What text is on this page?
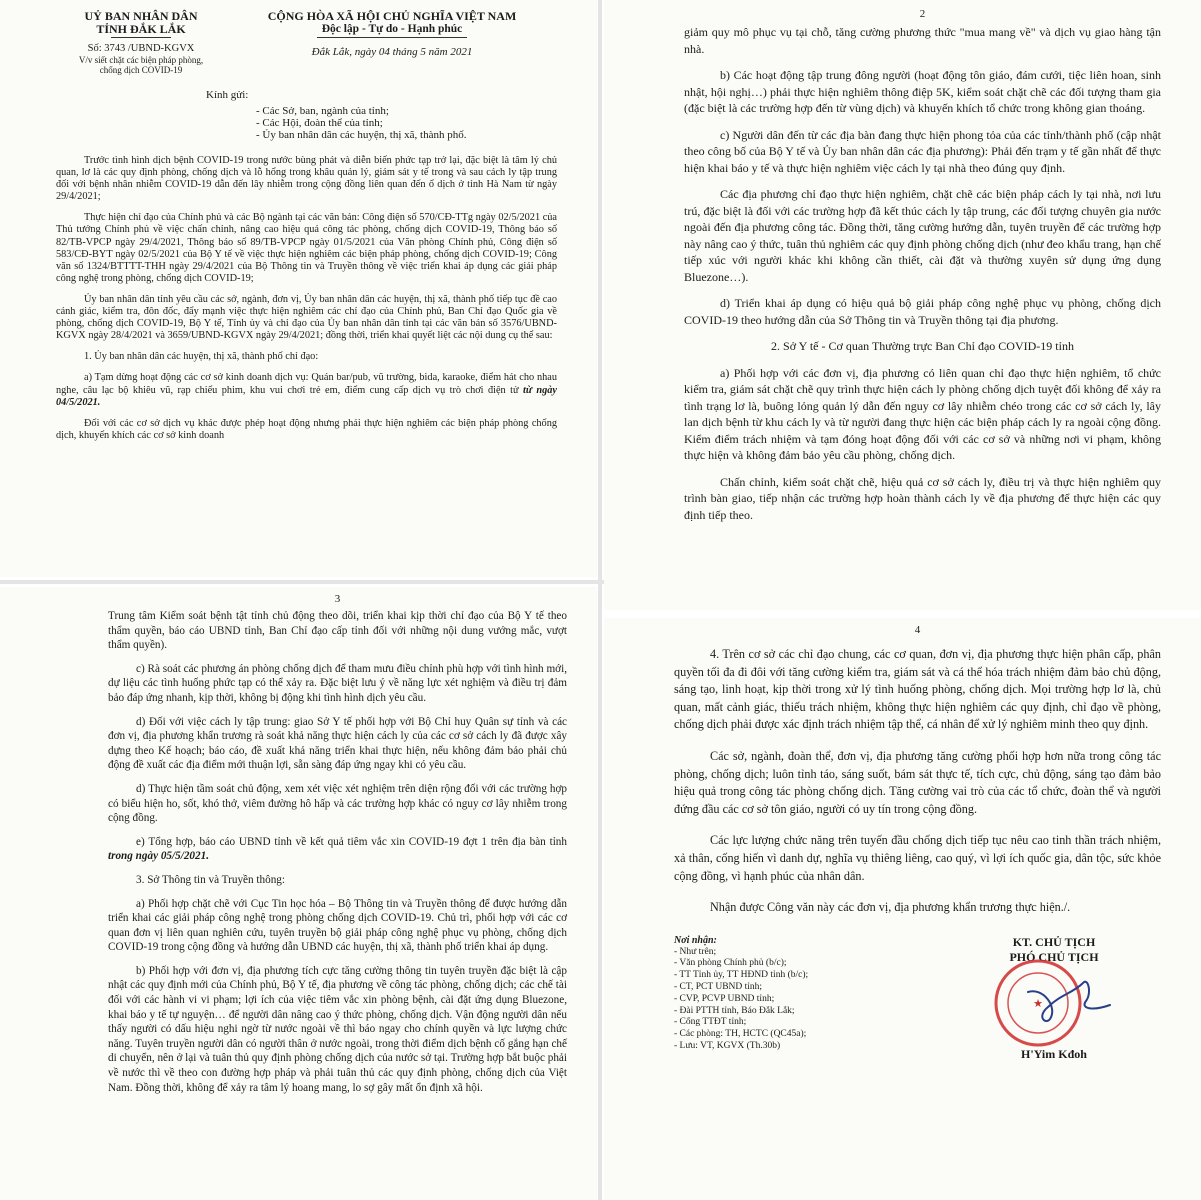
UỶ BAN NHÂN DÂN
TỈNH ĐẮK LẮK
Số: 3743 /UBND-KGVX
V/v siết chặt các biện pháp phòng,
chống dịch COVID-19
CỘNG HÒA XÃ HỘI CHỦ NGHĨA VIỆT NAM
Độc lập - Tự do - Hạnh phúc
Đắk Lắk, ngày 04 tháng 5 năm 2021
Kính gửi:
- Các Sở, ban, ngành của tỉnh;
- Các Hội, đoàn thể của tỉnh;
- Ủy ban nhân dân các huyện, thị xã, thành phố.

Trước tình hình dịch bệnh COVID-19 trong nước bùng phát và diễn biến phức tạp trở lại, đặc biệt là tâm lý chủ quan, lơ là các quy định phòng, chống dịch và lỗ hổng trong khâu quản lý, giám sát y tế trong và sau cách ly tập trung đối với bệnh nhân nhiễm COVID-19 dẫn đến lây nhiễm trong cộng đồng liên quan đến ổ dịch ở tỉnh Hà Nam từ ngày 29/4/2021;

Thực hiện chỉ đạo của Chính phủ và các Bộ ngành tại các văn bản: Công điện số 570/CĐ-TTg ngày 02/5/2021 của Thủ tướng Chính phủ về việc chấn chỉnh, nâng cao hiệu quả công tác phòng, chống dịch COVID-19, Thông báo số 82/TB-VPCP ngày 29/4/2021, Thông báo số 89/TB-VPCP ngày 01/5/2021 của Văn phòng Chính phủ, Công điện số 583/CĐ-BYT ngày 02/5/2021 của Bộ Y tế về việc thực hiện nghiêm các biện pháp phòng, chống dịch COVID-19; Công văn số 1324/BTTTT-THH ngày 29/4/2021 của Bộ Thông tin và Truyền thông về việc triển khai áp dụng các giải pháp công nghệ trong phòng, chống dịch COVID-19;

Ủy ban nhân dân tỉnh yêu cầu các sở, ngành, đơn vị, Ủy ban nhân dân các huyện, thị xã, thành phố tiếp tục đề cao cảnh giác, kiểm tra, đôn đốc, đẩy mạnh việc thực hiện nghiêm các chỉ đạo của Chính phủ, Ban Chỉ đạo Quốc gia về phòng, chống dịch COVID-19, Bộ Y tế, Tỉnh ủy và chỉ đạo của Ủy ban nhân dân tỉnh tại các văn bản số 3576/UBND-KGVX ngày 28/4/2021 và 3659/UBND-KGVX ngày 29/4/2021; đồng thời, triển khai quyết liệt các nội dung cụ thể sau:

1. Ủy ban nhân dân các huyện, thị xã, thành phố chỉ đạo:

a) Tạm dừng hoạt động các cơ sở kinh doanh dịch vụ: Quán bar/pub, vũ trường, bida, karaoke, điểm hát cho nhau nghe, câu lạc bộ khiêu vũ, rạp chiếu phim, khu vui chơi trẻ em, điểm cung cấp dịch vụ trò chơi điện tử từ ngày 04/5/2021.

Đối với các cơ sở dịch vụ khác được phép hoạt động nhưng phải thực hiện nghiêm các biện pháp phòng chống dịch, khuyến khích các cơ sở kinh doanh

2

giảm quy mô phục vụ tại chỗ, tăng cường phương thức "mua mang về" và dịch vụ giao hàng tận nhà.

b) Các hoạt động tập trung đông người (hoạt động tôn giáo, đám cưới, tiệc liên hoan, sinh nhật, hội nghị…) phải thực hiện nghiêm thông điệp 5K, kiểm soát chặt chẽ các đối tượng tham gia (đặc biệt là các trường hợp đến từ vùng dịch) và khuyến khích tổ chức trong không gian thoáng.

c) Người dân đến từ các địa bàn đang thực hiện phong tỏa của các tỉnh/thành phố (cập nhật theo công bố của Bộ Y tế và Ủy ban nhân dân các địa phương): Phải đến trạm y tế gần nhất để thực hiện khai báo y tế và thực hiện nghiêm việc cách ly tại nhà theo đúng quy định.

Các địa phương chỉ đạo thực hiện nghiêm, chặt chẽ các biện pháp cách ly tại nhà, nơi lưu trú, đặc biệt là đối với các trường hợp đã kết thúc cách ly tập trung, các đối tượng chuyên gia nước ngoài đến địa phương công tác. Đồng thời, tăng cường hướng dẫn, tuyên truyền để các trường hợp này nâng cao ý thức, tuân thủ nghiêm các quy định phòng chống dịch (như đeo khẩu trang, hạn chế tiếp xúc với người khác khi không cần thiết, cài đặt và thường xuyên sử dụng ứng dụng Bluezone…).

d) Triển khai áp dụng có hiệu quả bộ giải pháp công nghệ phục vụ phòng, chống dịch COVID-19 theo hướng dẫn của Sở Thông tin và Truyền thông tại địa phương.

2. Sở Y tế - Cơ quan Thường trực Ban Chỉ đạo COVID-19 tỉnh

a) Phối hợp với các đơn vị, địa phương có liên quan chỉ đạo thực hiện nghiêm, tổ chức kiểm tra, giám sát chặt chẽ quy trình thực hiện cách ly phòng chống dịch tuyệt đối không để xảy ra tình trạng lơ là, buông lỏng quản lý dẫn đến nguy cơ lây nhiễm chéo trong các cơ sở cách ly, lây lan dịch bệnh từ khu cách ly và từ người đang thực hiện các biện pháp cách ly ra ngoài cộng đồng. Kiểm điểm trách nhiệm và tạm đóng hoạt động đối với các cơ sở và những nơi vi phạm, không thực hiện và không đảm bảo yêu cầu phòng, chống dịch.

Chấn chỉnh, kiểm soát chặt chẽ, hiệu quả cơ sở cách ly, điều trị và thực hiện nghiêm quy trình bàn giao, tiếp nhận các trường hợp hoàn thành cách ly về địa phương để thực hiện các quy định tiếp theo.

3

Trung tâm Kiểm soát bệnh tật tỉnh chủ động theo dõi, triển khai kịp thời chỉ đạo của Bộ Y tế theo thẩm quyền, báo cáo UBND tỉnh, Ban Chỉ đạo cấp tỉnh đối với những nội dung vướng mắc, vượt thẩm quyền).

c) Rà soát các phương án phòng chống dịch để tham mưu điều chỉnh phù hợp với tình hình mới, dự liệu các tình huống phức tạp có thể xảy ra. Đặc biệt lưu ý về năng lực xét nghiệm và điều trị đảm bảo đáp ứng nhanh, kịp thời, không bị động khi tình hình dịch yêu cầu.

d) Đối với việc cách ly tập trung: giao Sở Y tế phối hợp với Bộ Chỉ huy Quân sự tỉnh và các đơn vị, địa phương khẩn trương rà soát khả năng thực hiện cách ly của các cơ sở cách ly đã được xây dựng theo Kế hoạch; báo cáo, đề xuất khả năng triển khai thực hiện, nếu không đảm bảo phải chủ động đề xuất các địa điểm mới thuận lợi, sẵn sàng đáp ứng ngay khi có yêu cầu.

d) Thực hiện tầm soát chủ động, xem xét việc xét nghiệm trên diện rộng đối với các trường hợp có biểu hiện ho, sốt, khó thở, viêm đường hô hấp và các trường hợp khác có nguy cơ lây nhiễm trong cộng đồng.

e) Tổng hợp, báo cáo UBND tỉnh về kết quả tiêm vắc xin COVID-19 đợt 1 trên địa bàn tỉnh trong ngày 05/5/2021.

3. Sở Thông tin và Truyền thông:

a) Phối hợp chặt chẽ với Cục Tin học hóa – Bộ Thông tin và Truyền thông để được hướng dẫn triển khai các giải pháp công nghệ trong phòng chống dịch COVID-19. Chủ trì, phối hợp với các cơ quan đơn vị liên quan nghiên cứu, tuyên truyền bộ giải pháp công nghệ phục vụ phòng, chống dịch COVID-19 trong cộng đồng và hướng dẫn UBND các huyện, thị xã, thành phố triển khai áp dụng.

b) Phối hợp với đơn vị, địa phương tích cực tăng cường thông tin tuyên truyền đặc biệt là cập nhật các quy định mới của Chính phủ, Bộ Y tế, địa phương về công tác phòng, chống dịch; các chế tài đối với các hành vi vi phạm; lợi ích của việc tiêm vắc xin phòng bệnh, cài đặt ứng dụng Bluezone, khai báo y tế tự nguyện… để người dân nâng cao ý thức phòng, chống dịch. Vận động người dân nếu thấy người có dấu hiệu nghi ngờ từ nước ngoài về thì báo ngay cho chính quyền và lực lượng chức năng. Tuyên truyền người dân có người thân ở nước ngoài, trong thời điểm dịch bệnh cố gắng hạn chế di chuyển, nên ở lại và tuân thủ quy định phòng chống dịch của nước sở tại. Trường hợp bắt buộc phải về nước thì về theo con đường hợp pháp và phải tuân thủ các quy định phòng, chống dịch của Việt Nam. Đồng thời, không để xảy ra tâm lý hoang mang, lo sợ gây mất ổn định xã hội.

4

4. Trên cơ sở các chỉ đạo chung, các cơ quan, đơn vị, địa phương thực hiện phân cấp, phân quyền tối đa đi đôi với tăng cường kiểm tra, giám sát và cá thể hóa trách nhiệm đảm bảo chủ động, sáng tạo, linh hoạt, kịp thời trong xử lý tình huống phòng, chống dịch. Mọi trường hợp lơ là, chủ quan, mất cảnh giác, thiếu trách nhiệm, không thực hiện nghiêm các quy định, chỉ đạo về phòng, chống dịch phải được xác định trách nhiệm tập thể, cá nhân để xử lý nghiêm minh theo quy định.

Các sở, ngành, đoàn thể, đơn vị, địa phương tăng cường phối hợp hơn nữa trong công tác phòng, chống dịch; luôn tỉnh táo, sáng suốt, bám sát thực tế, tích cực, chủ động, sáng tạo đảm bảo hiệu quả trong công tác phòng chống dịch. Tăng cường vai trò của các tổ chức, đoàn thể và người đứng đầu các cơ sở tôn giáo, người có uy tín trong cộng đồng.

Các lực lượng chức năng trên tuyến đầu chống dịch tiếp tục nêu cao tinh thần trách nhiệm, xả thân, cống hiến vì danh dự, nghĩa vụ thiêng liêng, cao quý, vì lợi ích quốc gia, dân tộc, sức khỏe cộng đồng, vì hạnh phúc của nhân dân.

Nhận được Công văn này các đơn vị, địa phương khẩn trương thực hiện./.

Nơi nhận:
- Như trên;
- Văn phòng Chính phủ (b/c);
- TT Tỉnh ủy, TT HĐND tỉnh (b/c);
- CT, PCT UBND tỉnh;
- CVP, PCVP UBND tỉnh;
- Đài PTTH tỉnh, Báo Đắk Lắk;
- Cổng TTĐT tỉnh;
- Các phòng: TH, HCTC (QC45a);
- Lưu: VT, KGVX (Th.30b)
KT. CHỦ TỊCH
PHÓ CHỦ TỊCH
★
H'Yim Kđoh
